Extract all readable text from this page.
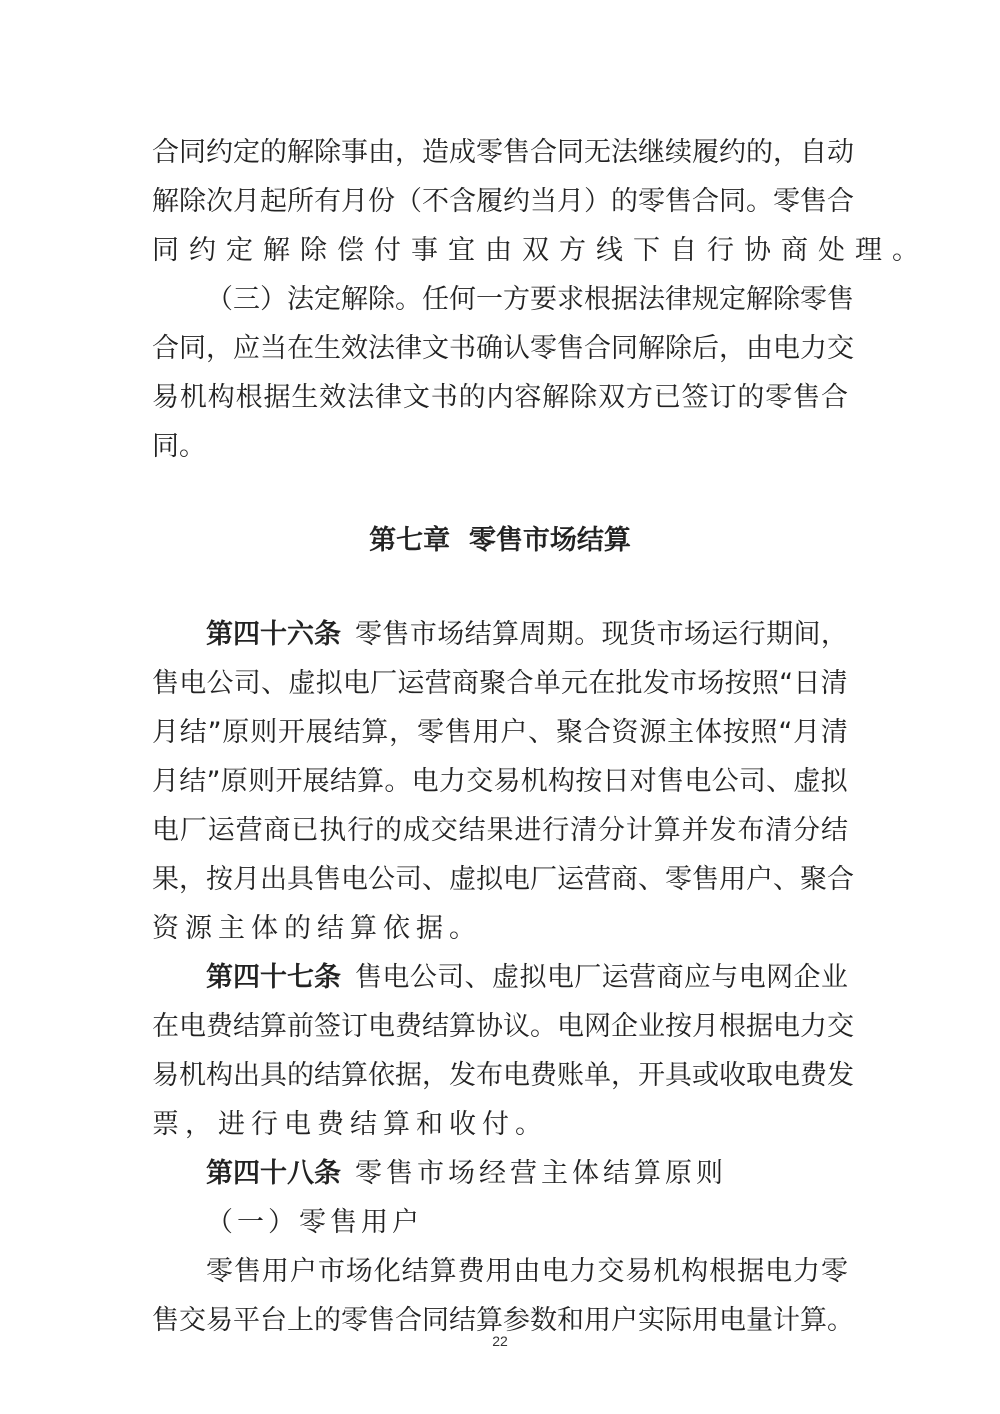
合 同 约 定 的 解 除 事 由 ， 造 成 零 售 合 同 无 法 继 续 履 约 的 ， 自 动
解 除 次 月 起 所 有 月 份 （ 不 含 履 约 当 月 ） 的 零 售 合 同 。 零 售 合
同约定解除偿付事宜由双方线下自行协商处理。
（ 三 ） 法 定 解 除 。 任 何 一 方 要 求 根 据 法 律 规 定 解 除 零 售
合 同 ， 应 当 在 生 效 法 律 文 书 确 认 零 售 合 同 解 除 后 ， 由 电 力 交
易 机 构 根 据 生 效 法 律 文 书 的 内 容 解 除 双 方 已 签 订 的 零 售 合
同。
第七章  零售市场结算
第四十六条 零 售 市 场 结 算 周 期 。 现 货 市 场 运 行 期 间 ，
售 电 公 司 、 虚 拟 电 厂 运 营 商 聚 合 单 元 在 批 发 市 场 按 照 “ 日 清
月 结 ” 原 则 开 展 结 算 ， 零 售 用 户 、 聚 合 资 源 主 体 按 照 “ 月 清
月 结 ” 原 则 开 展 结 算 。 电 力 交 易 机 构 按 日 对 售 电 公 司 、 虚 拟
电 厂 运 营 商 已 执 行 的 成 交 结 果 进 行 清 分 计 算 并 发 布 清 分 结
果 ， 按 月 出 具 售 电 公 司 、 虚 拟 电 厂 运 营 商 、 零 售 用 户 、 聚 合
资源主体的结算依据。
第四十七条 售 电 公 司 、 虚 拟 电 厂 运 营 商 应 与 电 网 企 业
在 电 费 结 算 前 签 订 电 费 结 算 协 议 。 电 网 企 业 按 月 根 据 电 力 交
易 机 构 出 具 的 结 算 依 据 ， 发 布 电 费 账 单 ， 开 具 或 收 取 电 费 发
票，进行电费结算和收付。
第四十八条 零售市场经营主体结算原则
（一）零售用户
零 售 用 户 市 场 化 结 算 费 用 由 电 力 交 易 机 构 根 据 电 力 零
售 交 易 平 台 上 的 零 售 合 同 结 算 参 数 和 用 户 实 际 用 电 量 计 算 。
22
